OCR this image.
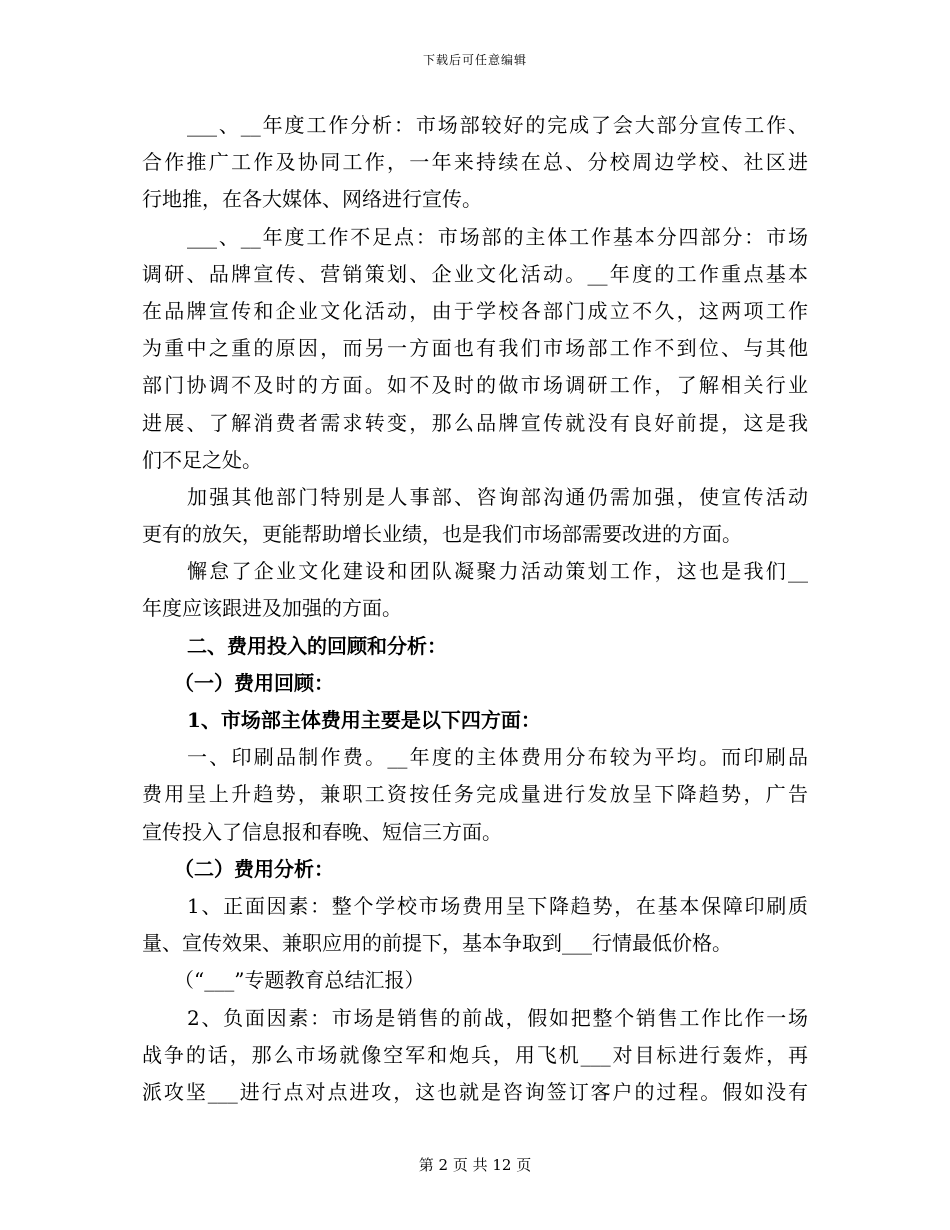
下载后可任意编辑
___、__年度工作分析：市场部较好的完成了会大部分宣传工作、
合作推广工作及协同工作，一年来持续在总、分校周边学校、社区进
行地推，在各大媒体、网络进行宣传。
___、__年度工作不足点：市场部的主体工作基本分四部分：市场
调研、品牌宣传、营销策划、企业文化活动。__年度的工作重点基本
在品牌宣传和企业文化活动，由于学校各部门成立不久，这两项工作
为重中之重的原因，而另一方面也有我们市场部工作不到位、与其他
部门协调不及时的方面。如不及时的做市场调研工作，了解相关行业
进展、了解消费者需求转变，那么品牌宣传就没有良好前提，这是我
们不足之处。
加强其他部门特别是人事部、咨询部沟通仍需加强，使宣传活动
更有的放矢，更能帮助增长业绩，也是我们市场部需要改进的方面。
懈怠了企业文化建设和团队凝聚力活动策划工作，这也是我们__
年度应该跟进及加强的方面。
二、费用投入的回顾和分析：
（一）费用回顾：
1、市场部主体费用主要是以下四方面：
一、印刷品制作费。__年度的主体费用分布较为平均。而印刷品
费用呈上升趋势，兼职工资按任务完成量进行发放呈下降趋势，广告
宣传投入了信息报和春晚、短信三方面。
（二）费用分析：
1、正面因素：整个学校市场费用呈下降趋势，在基本保障印刷质
量、宣传效果、兼职应用的前提下，基本争取到___行情最低价格。
（“___”专题教育总结汇报）
2、负面因素：市场是销售的前战，假如把整个销售工作比作一场
战争的话，那么市场就像空军和炮兵，用飞机___对目标进行轰炸，再
派攻坚___进行点对点进攻，这也就是咨询签订客户的过程。假如没有
第 2 页 共 12 页
